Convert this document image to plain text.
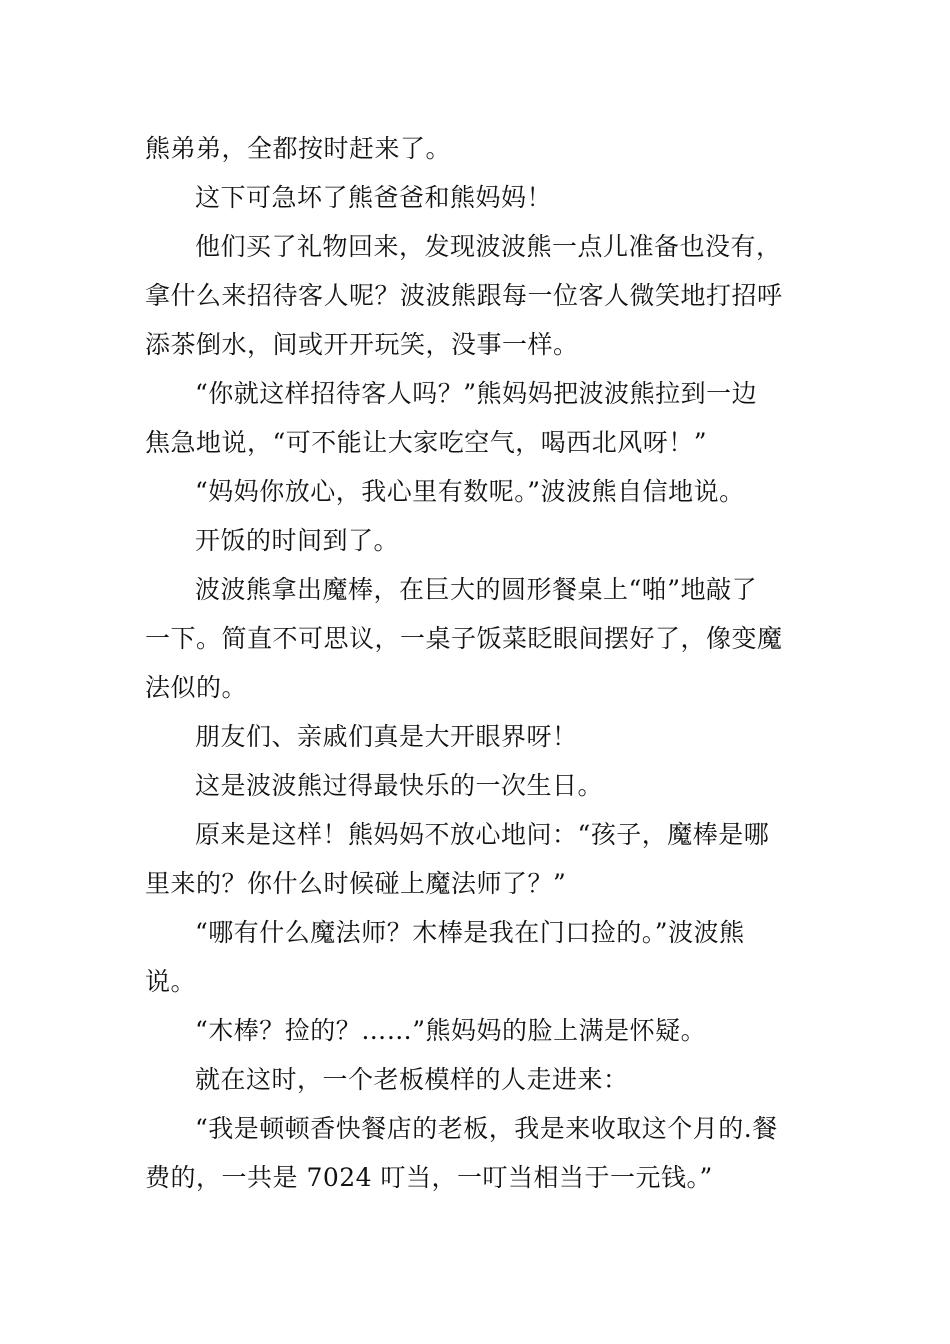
熊弟弟，全都按时赶来了。
这下可急坏了熊爸爸和熊妈妈！
他们买了礼物回来，发现波波熊一点儿准备也没有，
拿什么来招待客人呢？波波熊跟每一位客人微笑地打招呼
添茶倒水，间或开开玩笑，没事一样。
“你就这样招待客人吗？”熊妈妈把波波熊拉到一边
焦急地说，“可不能让大家吃空气，喝西北风呀！”
“妈妈你放心，我心里有数呢。”波波熊自信地说。
开饭的时间到了。
波波熊拿出魔棒，在巨大的圆形餐桌上“啪”地敲了
一下。简直不可思议，一桌子饭菜眨眼间摆好了，像变魔
法似的。
朋友们、亲戚们真是大开眼界呀！
这是波波熊过得最快乐的一次生日。
原来是这样！熊妈妈不放心地问：“孩子，魔棒是哪
里来的？你什么时候碰上魔法师了？”
“哪有什么魔法师？木棒是我在门口捡的。”波波熊
说。
“木棒？捡的？……”熊妈妈的脸上满是怀疑。
就在这时，一个老板模样的人走进来：
“我是顿顿香快餐店的老板，我是来收取这个月的.餐
费的，一共是 7024 叮当，一叮当相当于一元钱。”
